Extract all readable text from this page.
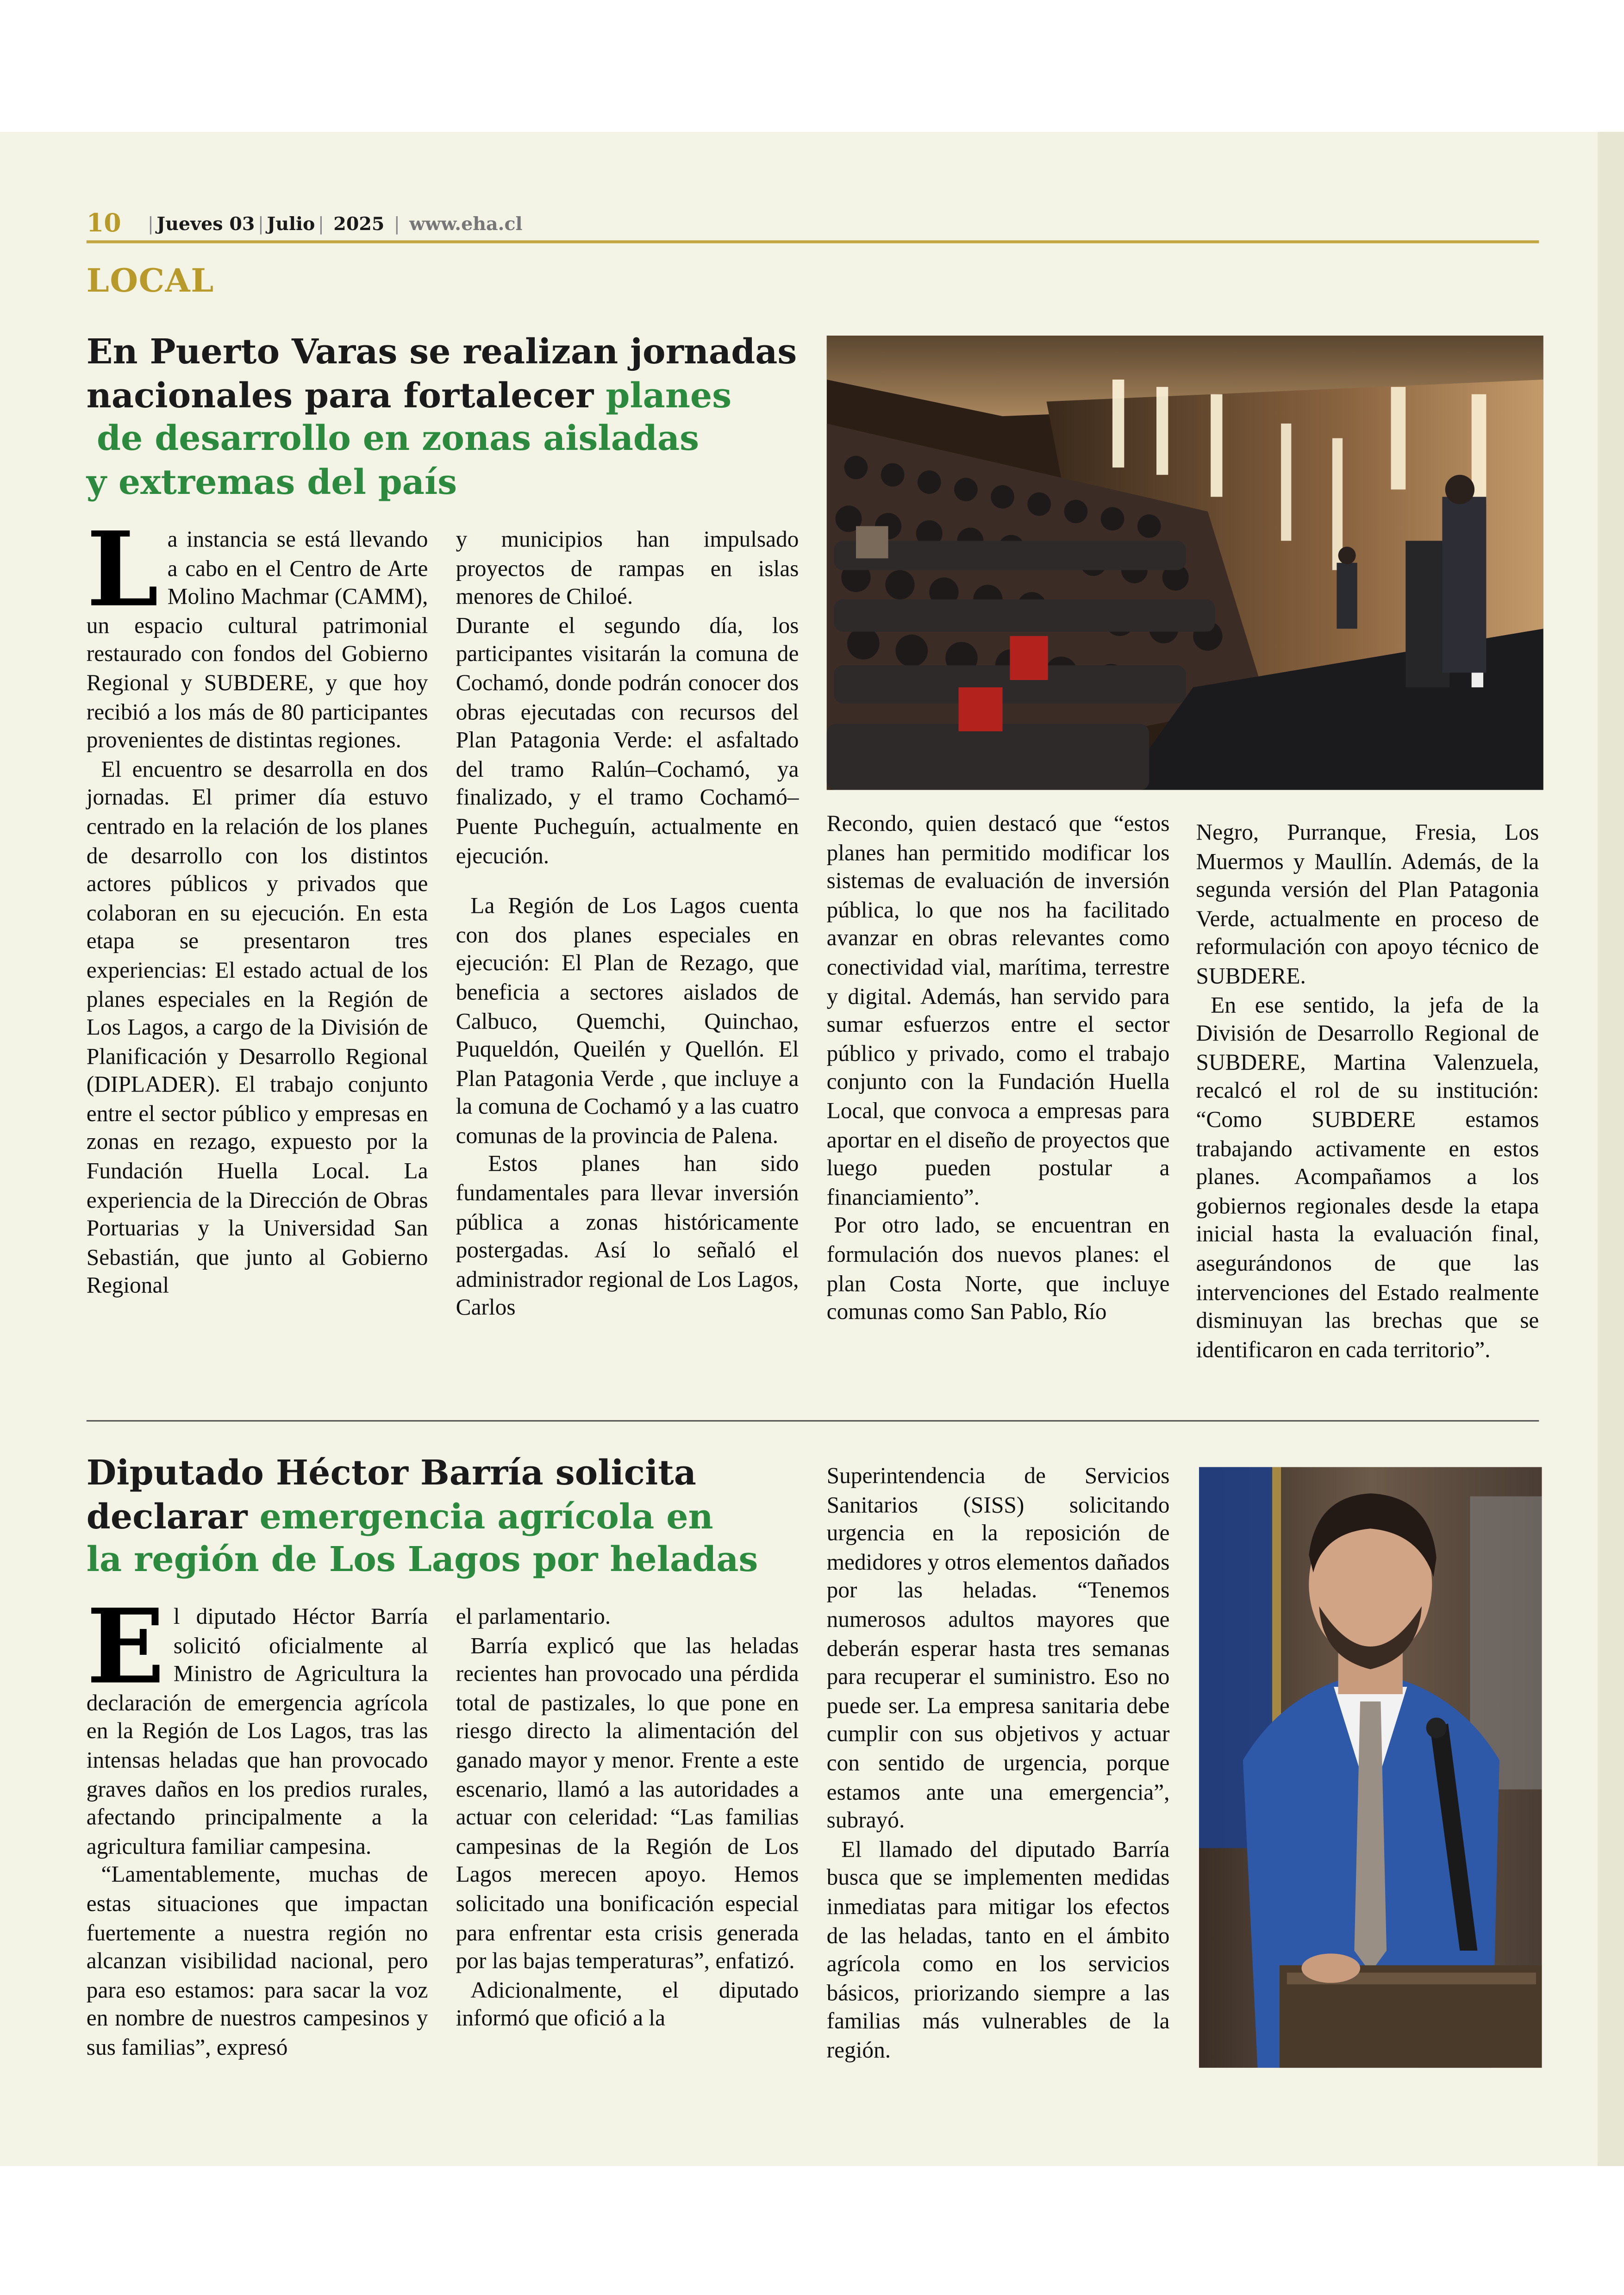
10	| Jueves 03 | Julio | 2025 | www.eha.cl
LOCAL
En Puerto Varas se realizan jornadas nacionales para fortalecer planes
de desarrollo en zonas aisladas
y extremas del país

L a instancia se está llevando a cabo en el Centro de Arte Molino Machmar (CAMM), un espacio cultural patrimonial restaurado con fondos del Gobierno Regional y SUBDERE, y que hoy recibió a los más de 80 participantes provenientes de distintas regiones.

El encuentro se desarrolla en dos jornadas. El primer día estuvo centrado en la relación de los planes de desarrollo con los distintos actores públicos y privados que colaboran en su ejecución. En esta etapa se presentaron tres experiencias: El estado actual de los planes especiales en la Región de Los Lagos, a cargo de la División de Planificación y Desarrollo Regional (DIPLADER). El trabajo conjunto entre el sector público y empresas en zonas en rezago, expuesto por la Fundación Huella Local. La experiencia de la Dirección de Obras Portuarias y la Universidad San Sebastián, que junto al Gobierno Regional

y municipios han impulsado proyectos de rampas en islas menores de Chiloé.

Durante el segundo día, los participantes visitarán la comuna de Cochamó, donde podrán conocer dos obras ejecutadas con recursos del Plan Patagonia Verde: el asfaltado del tramo Ralún–Cochamó, ya finalizado, y el tramo Cochamó–Puente Pucheguín, actualmente en ejecución.

La Región de Los Lagos cuenta con dos planes especiales en ejecución: El Plan de Rezago, que beneficia a sectores aislados de Calbuco, Quemchi, Quinchao, Puqueldón, Queilén y Quellón. El Plan Patagonia Verde , que incluye a la comuna de Cochamó y a las cuatro comunas de la provincia de Palena.

Estos planes han sido fundamentales para llevar inversión pública a zonas históricamente postergadas. Así lo señaló el administrador regional de Los Lagos, Carlos

Recondo, quien destacó que “estos planes han permitido modificar los sistemas de evaluación de inversión pública, lo que nos ha facilitado avanzar en obras relevantes como conectividad vial, marítima, terrestre y digital. Además, han servido para sumar esfuerzos entre el sector público y privado, como el trabajo conjunto con la Fundación Huella Local, que convoca a empresas para aportar en el diseño de proyectos que luego pueden postular a financiamiento”.

Por otro lado, se encuentran en formulación dos nuevos planes: el plan Costa Norte, que incluye comunas como San Pablo, Río

Negro, Purranque, Fresia, Los Muermos y Maullín. Además, de la segunda versión del Plan Patagonia Verde, actualmente en proceso de reformulación con apoyo técnico de SUBDERE.

En ese sentido, la jefa de la División de Desarrollo Regional de SUBDERE, Martina Valenzuela, recalcó el rol de su institución: “Como SUBDERE estamos trabajando activamente en estos planes. Acompañamos a los gobiernos regionales desde la etapa inicial hasta la evaluación final, asegurándonos de que las intervenciones del Estado realmente disminuyan las brechas que se identificaron en cada territorio”.

Diputado Héctor Barría solicita
declarar emergencia agrícola en
la región de Los Lagos por heladas

E l diputado Héctor Barría solicitó oficialmente al Ministro de Agricultura la declaración de emergencia agrícola en la Región de Los Lagos, tras las intensas heladas que han provocado graves daños en los predios rurales, afectando principalmente a la agricultura familiar campesina.

“Lamentablemente, muchas de estas situaciones que impactan fuertemente a nuestra región no alcanzan visibilidad nacional, pero para eso estamos: para sacar la voz en nombre de nuestros campesinos y sus familias”, expresó

el parlamentario.

Barría explicó que las heladas recientes han provocado una pérdida total de pastizales, lo que pone en riesgo directo la alimentación del ganado mayor y menor. Frente a este escenario, llamó a las autoridades a actuar con celeridad: “Las familias campesinas de la Región de Los Lagos merecen apoyo. Hemos solicitado una bonificación especial para enfrentar esta crisis generada por las bajas temperaturas”, enfatizó.

Adicionalmente, el diputado informó que ofició a la

Superintendencia de Servicios Sanitarios (SISS) solicitando urgencia en la reposición de medidores y otros elementos dañados por las heladas. “Tenemos numerosos adultos mayores que deberán esperar hasta tres semanas para recuperar el suministro. Eso no puede ser. La empresa sanitaria debe cumplir con sus objetivos y actuar con sentido de urgencia, porque estamos ante una emergencia”, subrayó.

El llamado del diputado Barría busca que se implementen medidas inmediatas para mitigar los efectos de las heladas, tanto en el ámbito agrícola como en los servicios básicos, priorizando siempre a las familias más vulnerables de la región.
